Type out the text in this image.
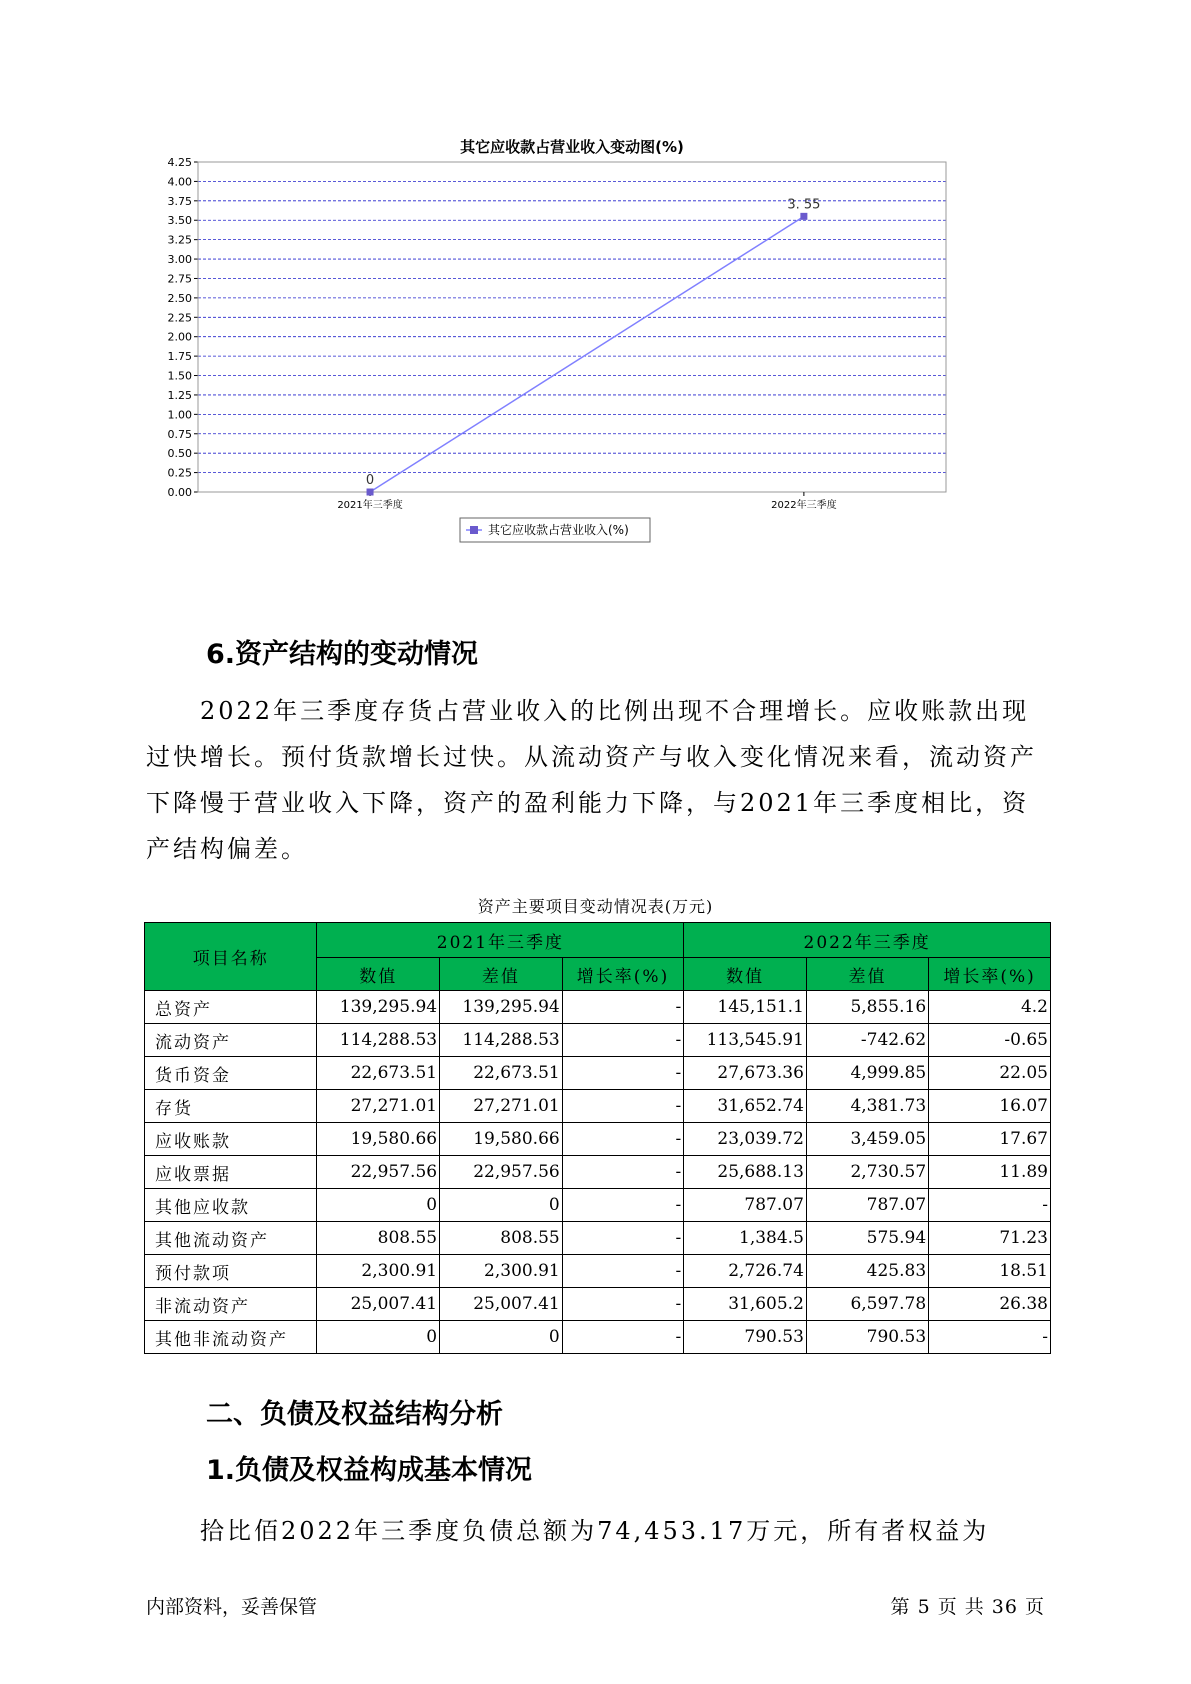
其它应收款占营业收入变动图(%)
0.00
0.25
0.50
0.75
1.00
1.25
1.50
1.75
2.00
2.25
2.50
2.75
3.00
3.25
3.50
3.75
4.00
4.25
2021年三季度	2022年三季度
0
3. 55
其它应收款占营业收入(%)
6.资产结构的变动情况

2022年三季度存货占营业收入的比例出现不合理增长。应收账款出现过快增长。预付货款增长过快。从流动资产与收入变化情况来看，流动资产下降慢于营业收入下降，资产的盈利能力下降，与2021年三季度相比，资产结构偏差。

资产主要项目变动情况表(万元)
项目名称	2021年三季度			2022年三季度		
	数值	差值	增长率(%)	数值	差值	增长率(%)
总资产	139,295.94	139,295.94	-	145,151.1	5,855.16	4.2
流动资产	114,288.53	114,288.53	-	113,545.91	-742.62	-0.65
货币资金	22,673.51	22,673.51	-	27,673.36	4,999.85	22.05
存货	27,271.01	27,271.01	-	31,652.74	4,381.73	16.07
应收账款	19,580.66	19,580.66	-	23,039.72	3,459.05	17.67
应收票据	22,957.56	22,957.56	-	25,688.13	2,730.57	11.89
其他应收款	0	0	-	787.07	787.07	-
其他流动资产	808.55	808.55	-	1,384.5	575.94	71.23
预付款项	2,300.91	2,300.91	-	2,726.74	425.83	18.51
非流动资产	25,007.41	25,007.41	-	31,605.2	6,597.78	26.38
其他非流动资产	0	0	-	790.53	790.53	-
二、负债及权益结构分析
1.负债及权益构成基本情况

拾比佰2022年三季度负债总额为74,453.17万元，所有者权益为

内部资料，妥善保管	第 5 页 共 36 页
